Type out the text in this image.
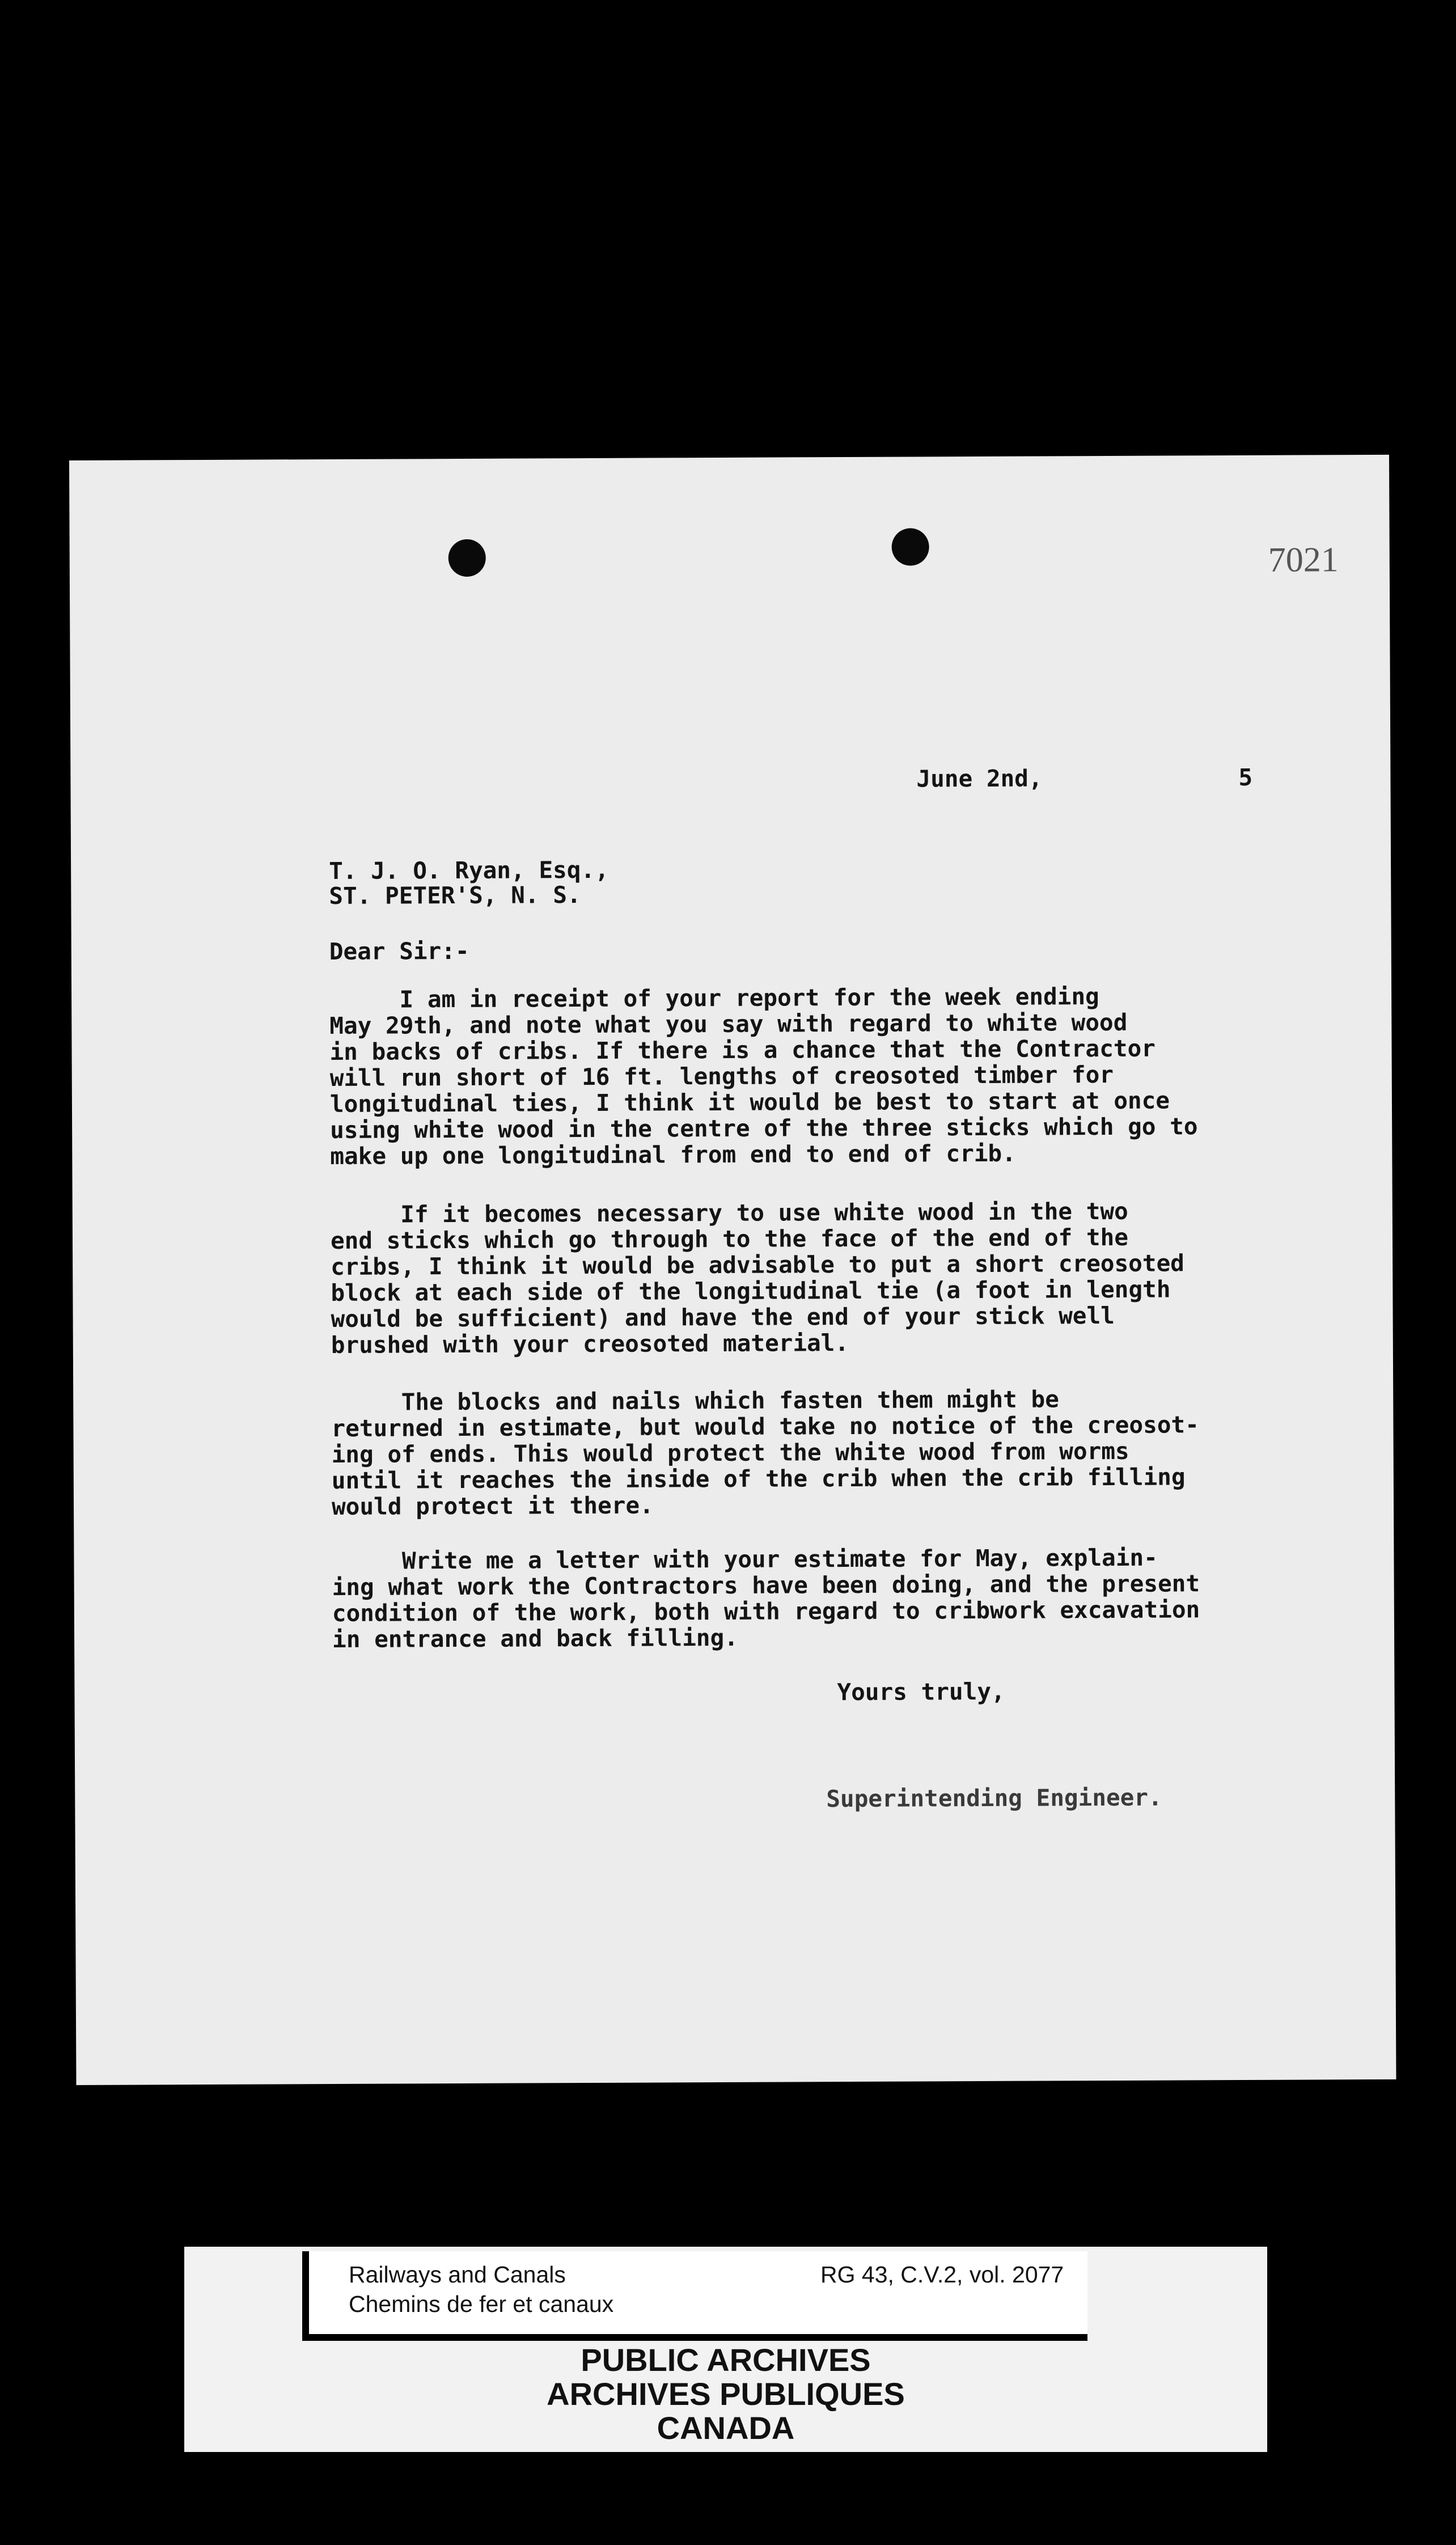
7021
June 2nd,	5
T. J. O. Ryan, Esq.,
ST. PETER'S, N. S.
Dear Sir:-

I am in receipt of your report for the week ending
May 29th, and note what you say with regard to white wood
in backs of cribs. If there is a chance that the Contractor
will run short of 16 ft. lengths of creosoted timber for
longitudinal ties, I think it would be best to start at once
using white wood in the centre of the three sticks which go to
make up one longitudinal from end to end of crib.

If it becomes necessary to use white wood in the two
end sticks which go through to the face of the end of the
cribs, I think it would be advisable to put a short creosoted
block at each side of the longitudinal tie (a foot in length
would be sufficient) and have the end of your stick well
brushed with your creosoted material.

The blocks and nails which fasten them might be
returned in estimate, but would take no notice of the creosot-
ing of ends. This would protect the white wood from worms
until it reaches the inside of the crib when the crib filling
would protect it there.

Write me a letter with your estimate for May, explain-
ing what work the Contractors have been doing, and the present
condition of the work, both with regard to cribwork excavation
in entrance and back filling.

Yours truly,
Superintending Engineer.
Railways and Canals
Chemins de fer et canaux
RG 43, C.V.2, vol. 2077
PUBLIC ARCHIVES
ARCHIVES PUBLIQUES
CANADA
